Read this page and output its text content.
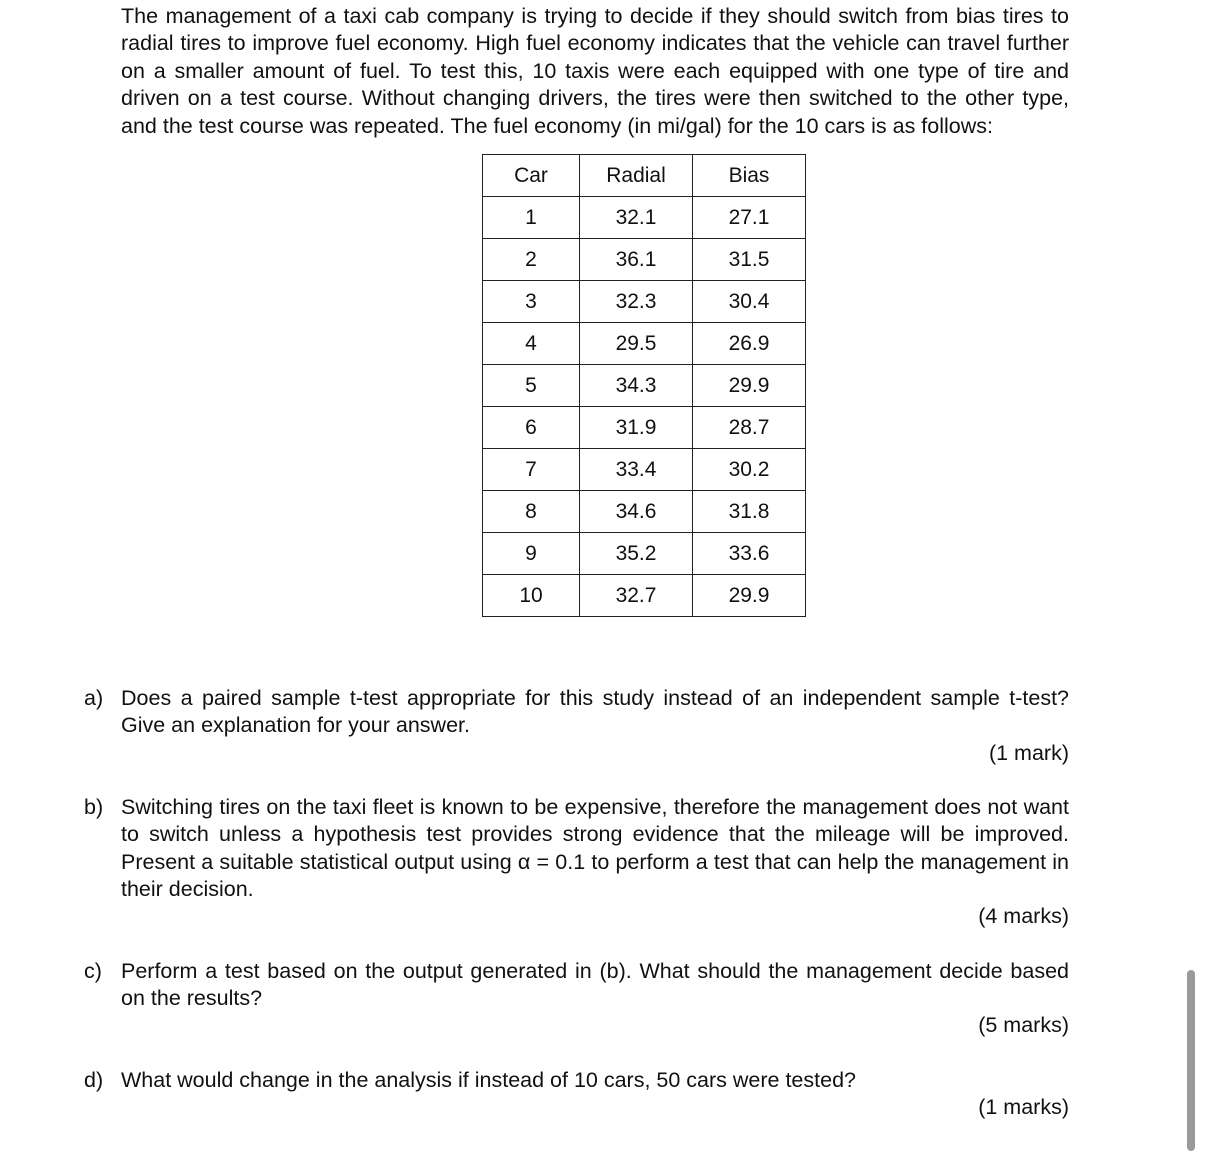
The management of a taxi cab company is trying to decide if they should switch from bias tires to radial tires to improve fuel economy. High fuel economy indicates that the vehicle can travel further on a smaller amount of fuel. To test this, 10 taxis were each equipped with one type of tire and driven on a test course. Without changing drivers, the tires were then switched to the other type, and the test course was repeated. The fuel economy (in mi/gal) for the 10 cars is as follows:
Car	Radial	Bias
1	32.1	27.1
2	36.1	31.5
3	32.3	30.4
4	29.5	26.9
5	34.3	29.9
6	31.9	28.7
7	33.4	30.2
8	34.6	31.8
9	35.2	33.6
10	32.7	29.9
a) Does a paired sample t-test appropriate for this study instead of an independent sample t-test? Give an explanation for your answer.
(1 mark)
b) Switching tires on the taxi fleet is known to be expensive, therefore the management does not want to switch unless a hypothesis test provides strong evidence that the mileage will be improved. Present a suitable statistical output using α = 0.1 to perform a test that can help the management in their decision.
(4 marks)
c) Perform a test based on the output generated in (b). What should the management decide based on the results?
(5 marks)
d) What would change in the analysis if instead of 10 cars, 50 cars were tested?
(1 marks)
